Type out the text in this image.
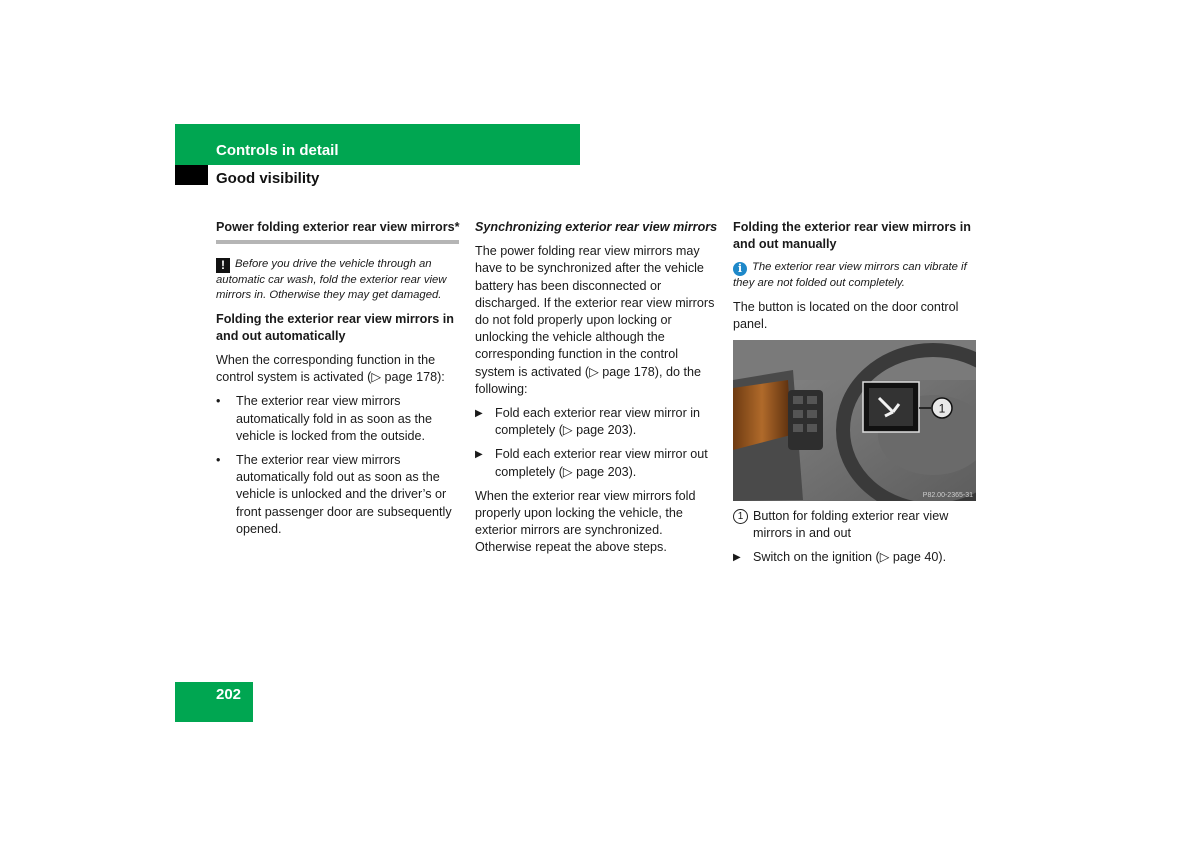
Controls in detail
Good visibility
Power folding exterior rear view mirrors*

! Before you drive the vehicle through an automatic car wash, fold the exterior rear view mirrors in. Otherwise they may get damaged.

Folding the exterior rear view mirrors in and out automatically

When the corresponding function in the control system is activated (▷ page 178):

• The exterior rear view mirrors automatically fold in as soon as the vehicle is locked from the outside.
• The exterior rear view mirrors automatically fold out as soon as the vehicle is unlocked and the driver’s or front passenger door are subsequently opened.
Synchronizing exterior rear view mirrors

The power folding rear view mirrors may have to be synchronized after the vehicle battery has been disconnected or discharged. If the exterior rear view mirrors do not fold properly upon locking or unlocking the vehicle although the corresponding function in the control system is activated (▷ page 178), do the following:

▶ Fold each exterior rear view mirror in completely (▷ page 203).
▶ Fold each exterior rear view mirror out completely (▷ page 203).

When the exterior rear view mirrors fold properly upon locking the vehicle, the exterior mirrors are synchronized. Otherwise repeat the above steps.

Folding the exterior rear view mirrors in and out manually

i The exterior rear view mirrors can vibrate if they are not folded out completely.

The button is located on the door control panel.

1
P82.00-2365-31
1 Button for folding exterior rear view mirrors in and out
▶ Switch on the ignition (▷ page 40).
202
